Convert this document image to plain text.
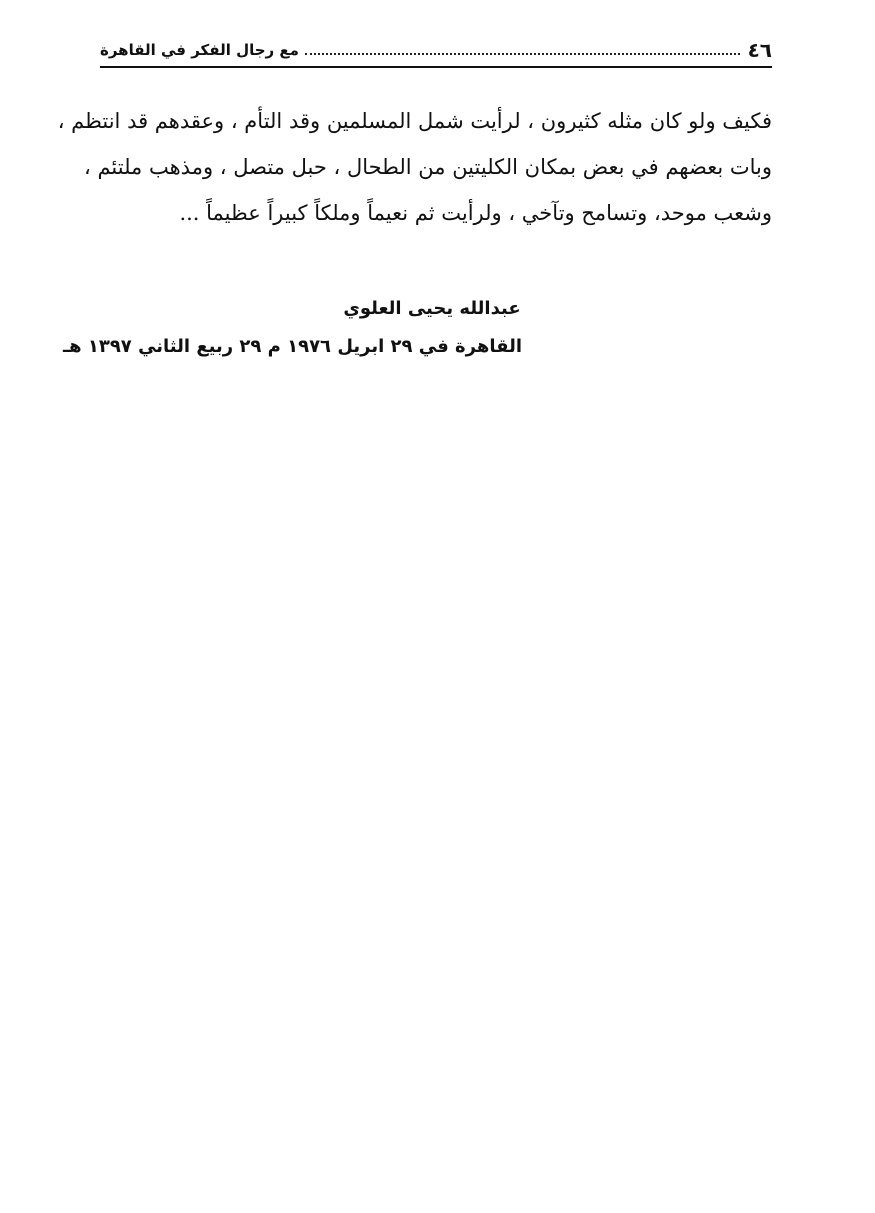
٤٦
مع رجال الفكر في القاهرة
فكيف ولو كان مثله كثيرون ، لرأيت شمل المسلمين وقد التأم ، وعقدهم قد انتظم ،
وبات بعضهم في بعض بمكان الكليتين من الطحال ، حبل متصل ، ومذهب ملتئم ،
وشعب موحد، وتسامح وتآخي ، ولرأيت ثم نعيماً وملكاً كبيراً عظيماً ...
عبدالله يحيى العلوي
القاهرة في ٢٩ ابريل ١٩٧٦ م ٢٩ ربيع الثاني ١٣٩٧ هـ
